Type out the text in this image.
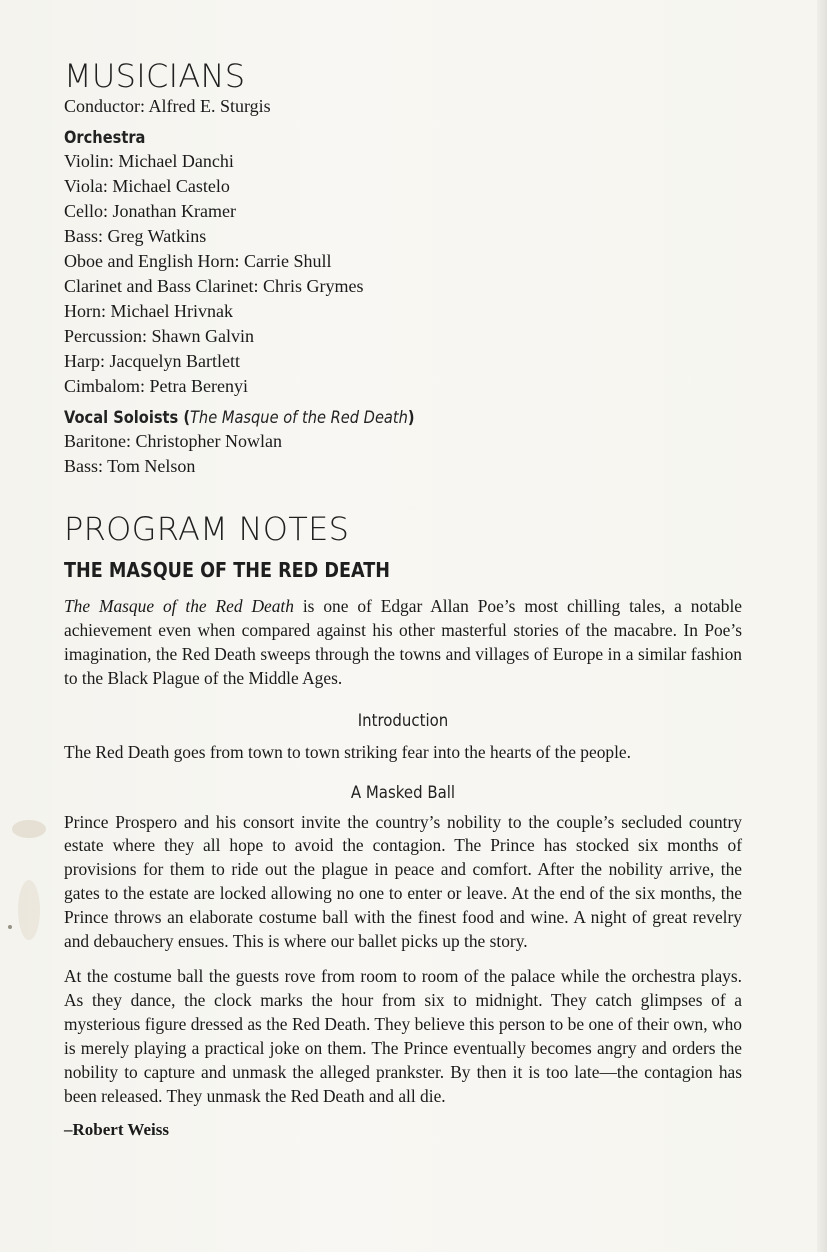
MUSICIANS
Conductor: Alfred E. Sturgis
Orchestra
Violin: Michael Danchi
Viola: Michael Castelo
Cello: Jonathan Kramer
Bass: Greg Watkins
Oboe and English Horn: Carrie Shull
Clarinet and Bass Clarinet: Chris Grymes
Horn: Michael Hrivnak
Percussion: Shawn Galvin
Harp: Jacquelyn Bartlett
Cimbalom: Petra Berenyi
Vocal Soloists (The Masque of the Red Death)
Baritone: Christopher Nowlan
Bass: Tom Nelson
PROGRAM NOTES
THE MASQUE OF THE RED DEATH

The Masque of the Red Death is one of Edgar Allan Poe’s most chilling tales, a notable achievement even when compared against his other masterful stories of the macabre. In Poe’s imagination, the Red Death sweeps through the towns and villages of Europe in a similar fashion to the Black Plague of the Middle Ages.

Introduction

The Red Death goes from town to town striking fear into the hearts of the people.

A Masked Ball

Prince Prospero and his consort invite the country’s nobility to the couple’s secluded country estate where they all hope to avoid the contagion. The Prince has stocked six months of provisions for them to ride out the plague in peace and comfort. After the nobility arrive, the gates to the estate are locked allowing no one to enter or leave. At the end of the six months, the Prince throws an elaborate costume ball with the finest food and wine. A night of great revelry and debauchery ensues. This is where our ballet picks up the story.

At the costume ball the guests rove from room to room of the palace while the orchestra plays. As they dance, the clock marks the hour from six to midnight. They catch glimpses of a mysterious figure dressed as the Red Death. They believe this person to be one of their own, who is merely playing a practical joke on them. The Prince eventually becomes angry and orders the nobility to capture and unmask the alleged prankster. By then it is too late—the contagion has been released. They unmask the Red Death and all die.

–Robert Weiss
